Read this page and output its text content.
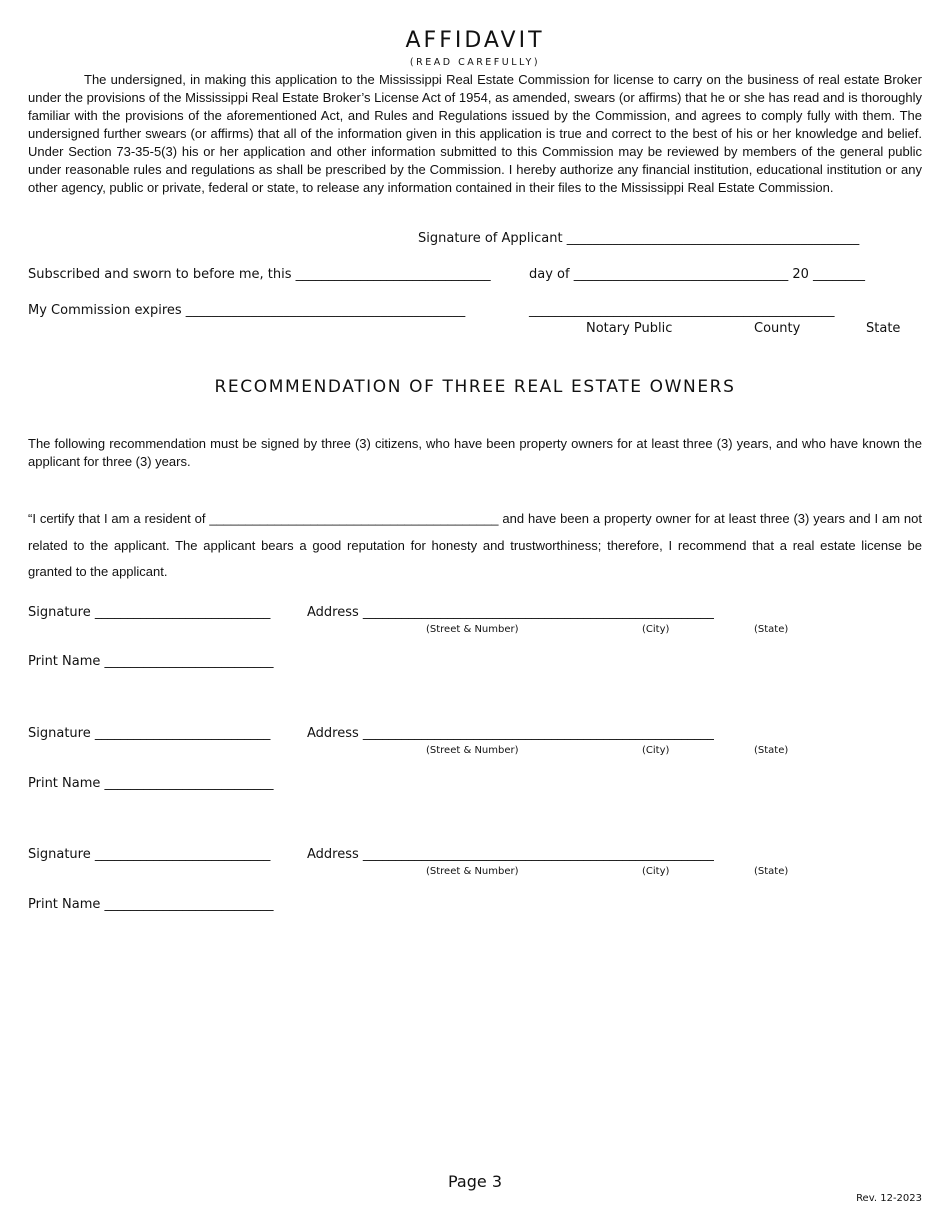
AFFIDAVIT
(READ CAREFULLY)

The undersigned, in making this application to the Mississippi Real Estate Commission for license to carry on the business of real estate Broker under the provisions of the Mississippi Real Estate Broker’s License Act of 1954, as amended, swears (or affirms) that he or she has read and is thoroughly familiar with the provisions of the aforementioned Act, and Rules and Regulations issued by the Commission, and agrees to comply fully with them. The undersigned further swears (or affirms) that all of the information given in this application is true and correct to the best of his or her knowledge and belief. Under Section 73-35-5(3) his or her application and other information submitted to this Commission may be reviewed by members of the general public under reasonable rules and regulations as shall be prescribed by the Commission. I hereby authorize any financial institution, educational institution or any other agency, public or private, federal or state, to release any information contained in their files to the Mississippi Real Estate Commission.

Signature of Applicant _____________________________________________
Subscribed and sworn to before me, this ______________________________	day of _________________________________ 20 ________
My Commission expires ___________________________________________	_______________________________________________
Notary Public	County	State
RECOMMENDATION OF THREE REAL ESTATE OWNERS

The following recommendation must be signed by three (3) citizens, who have been property owners for at least three (3) years, and who have known the applicant for three (3) years.

“I certify that I am a resident of ________________________________________ and have been a property owner for at least three (3) years and I am not related to the applicant. The applicant bears a good reputation for honesty and trustworthiness; therefore, I recommend that a real estate license be granted to the applicant.

Signature ___________________________	Address ______________________________________________________
(Street & Number)	(City)	(State)
Print Name __________________________
Signature ___________________________	Address ______________________________________________________
(Street & Number)	(City)	(State)
Print Name __________________________
Signature ___________________________	Address ______________________________________________________
(Street & Number)	(City)	(State)
Print Name __________________________
Page 3
Rev. 12-2023
